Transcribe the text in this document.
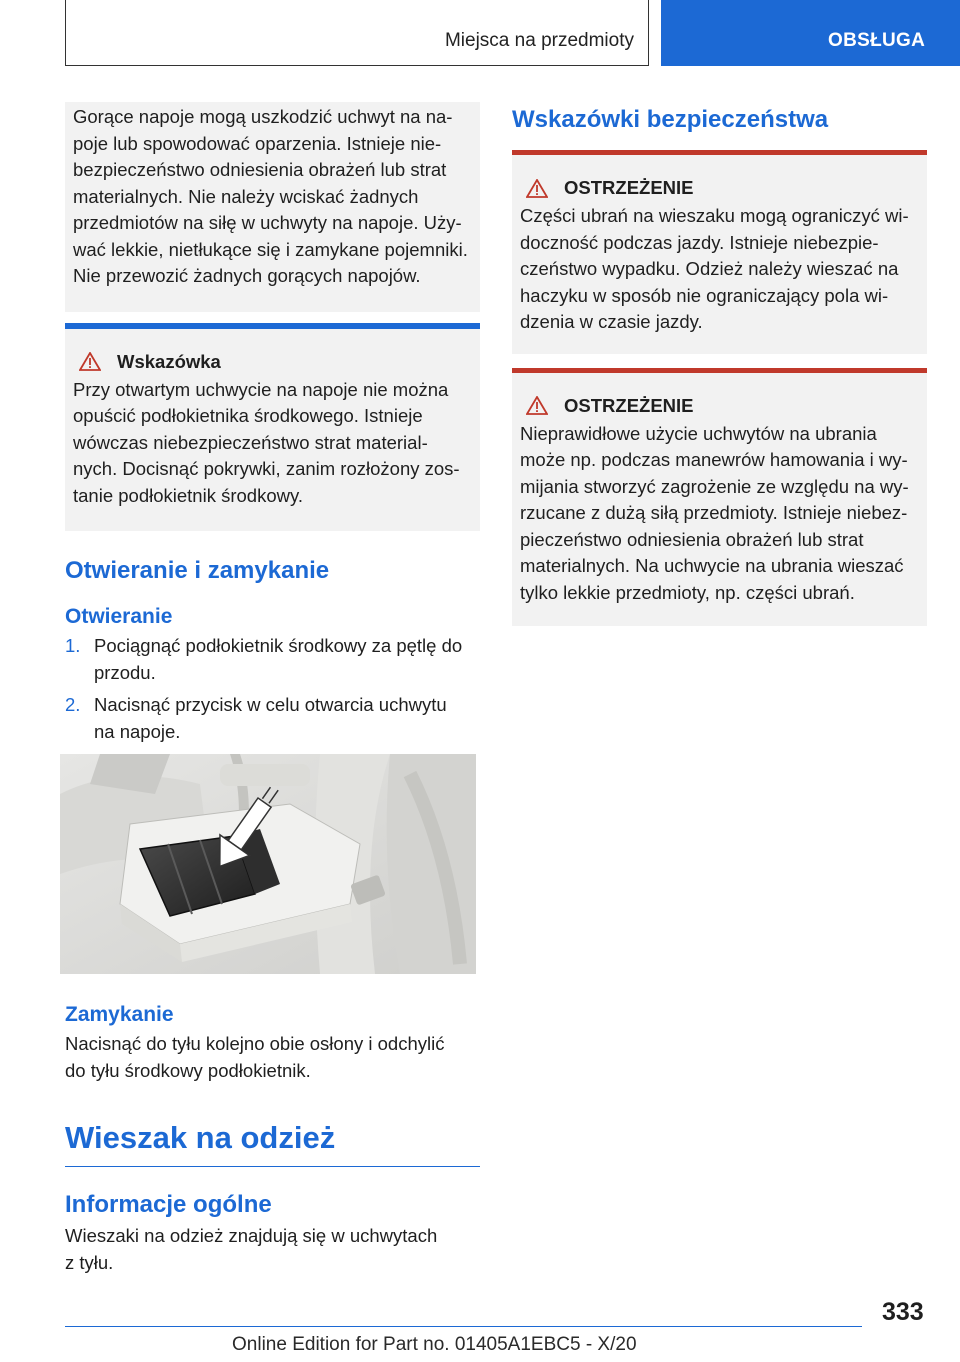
Miejsca na przedmioty	OBSŁUGA

Gorące napoje mogą uszkodzić uchwyt na na‐

poje lub spowodować oparzenia. Istnieje nie‐

bezpieczeństwo odniesienia obrażeń lub strat

materialnych. Nie należy wciskać żadnych

przedmiotów na siłę w uchwyty na napoje. Uży‐

wać lekkie, nietłukące się i zamykane pojemniki.

Nie przewozić żadnych gorących napojów.

Wskazówka

Przy otwartym uchwycie na napoje nie można

opuścić podłokietnika środkowego. Istnieje

wówczas niebezpieczeństwo strat material‐

nych. Docisnąć pokrywki, zanim rozłożony zos‐

tanie podłokietnik środkowy.

Otwieranie i zamykanie
Otwieranie
1. Pociągnąć podłokietnik środkowy za pętlę do
przodu.
2. Nacisnąć przycisk w celu otwarcia uchwytu
na napoje.
Zamykanie

Nacisnąć do tyłu kolejno obie osłony i odchylić

do tyłu środkowy podłokietnik.

Wieszak na odzież
Informacje ogólne

Wieszaki na odzież znajdują się w uchwytach

z tyłu.

Wskazówki bezpieczeństwa
OSTRZEŻENIE

Części ubrań na wieszaku mogą ograniczyć wi‐

doczność podczas jazdy. Istnieje niebezpie‐

czeństwo wypadku. Odzież należy wieszać na

haczyku w sposób nie ograniczający pola wi‐

dzenia w czasie jazdy.

OSTRZEŻENIE

Nieprawidłowe użycie uchwytów na ubrania

może np. podczas manewrów hamowania i wy‐

mijania stworzyć zagrożenie ze względu na wy‐

rzucane z dużą siłą przedmioty. Istnieje niebez‐

pieczeństwo odniesienia obrażeń lub strat

materialnych. Na uchwycie na ubrania wieszać

tylko lekkie przedmioty, np. części ubrań.

333
Online Edition for Part no. 01405A1EBC5 - X/20
